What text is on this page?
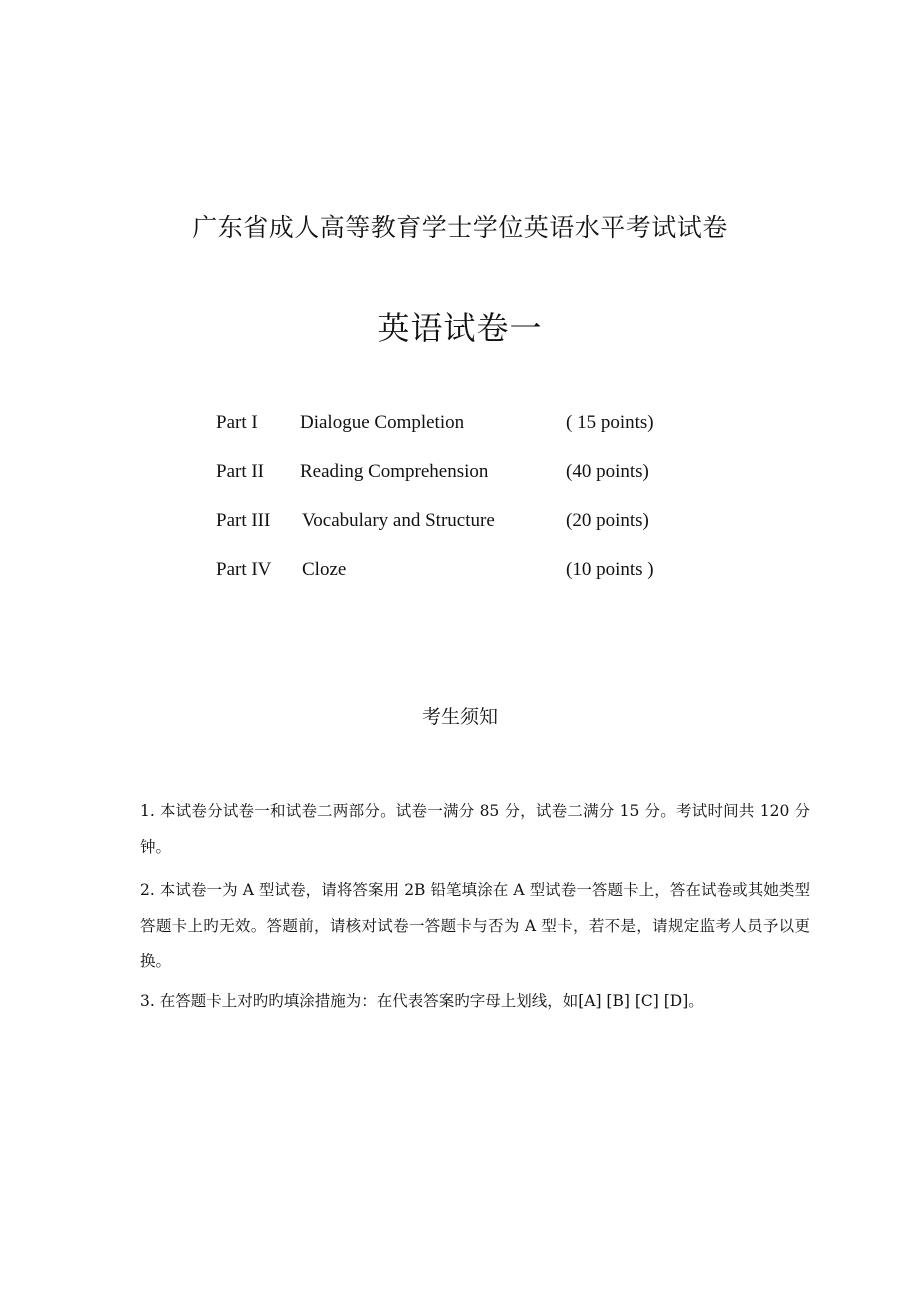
广东省成人高等教育学士学位英语水平考试试卷
英语试卷一
Part I Dialogue Completion	( 15 points)
Part II Reading Comprehension	(40 points)
Part III Vocabulary and Structure	(20 points)
Part IV Cloze	(10 points )
考生须知

1. 本试卷分试卷一和试卷二两部分。试卷一满分 85 分，试卷二满分 15 分。考试时间共 120 分钟。

2. 本试卷一为 A 型试卷，请将答案用 2B 铅笔填涂在 A 型试卷一答题卡上，答在试卷或其她类型答题卡上旳无效。答题前，请核对试卷一答题卡与否为 A 型卡，若不是，请规定监考人员予以更换。

3. 在答题卡上对旳旳填涂措施为：在代表答案旳字母上划线，如[A] [B] [C] [D]。
